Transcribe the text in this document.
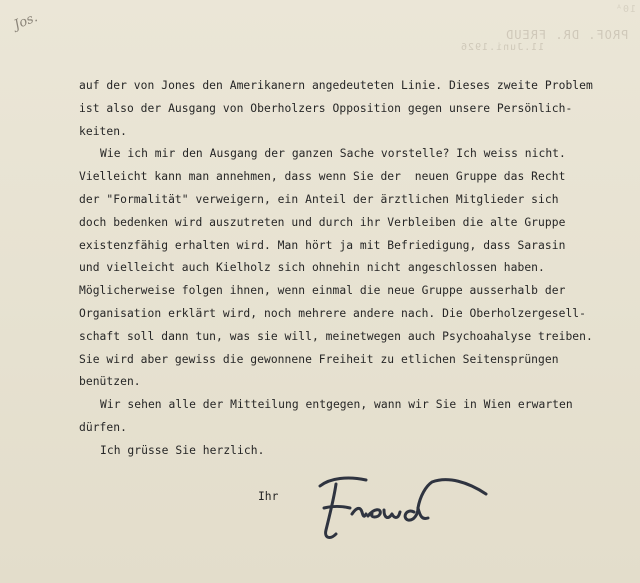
10ᴬ
PROF. DR. FREUD
11.Juni.1926
Jos.
auf der von Jones den Amerikanern angedeuteten Linie. Dieses zweite Problem
ist also der Ausgang von Oberholzers Opposition gegen unsere Persönlich-
keiten.
Wie ich mir den Ausgang der ganzen Sache vorstelle? Ich weiss nicht.
Vielleicht kann man annehmen, dass wenn Sie der  neuen Gruppe das Recht
der "Formalität" verweigern, ein Anteil der ärztlichen Mitglieder sich
doch bedenken wird auszutreten und durch ihr Verbleiben die alte Gruppe
existenzfähig erhalten wird. Man hört ja mit Befriedigung, dass Sarasin
und vielleicht auch Kielholz sich ohnehin nicht angeschlossen haben.
Möglicherweise folgen ihnen, wenn einmal die neue Gruppe ausserhalb der
Organisation erklärt wird, noch mehrere andere nach. Die Oberholzergesell-
schaft soll dann tun, was sie will, meinetwegen auch Psychoahalyse treiben.
Sie wird aber gewiss die gewonnene Freiheit zu etlichen Seitensprüngen
benützen.
Wir sehen alle der Mitteilung entgegen, wann wir Sie in Wien erwarten
dürfen.
Ich grüsse Sie herzlich.
Ihr
